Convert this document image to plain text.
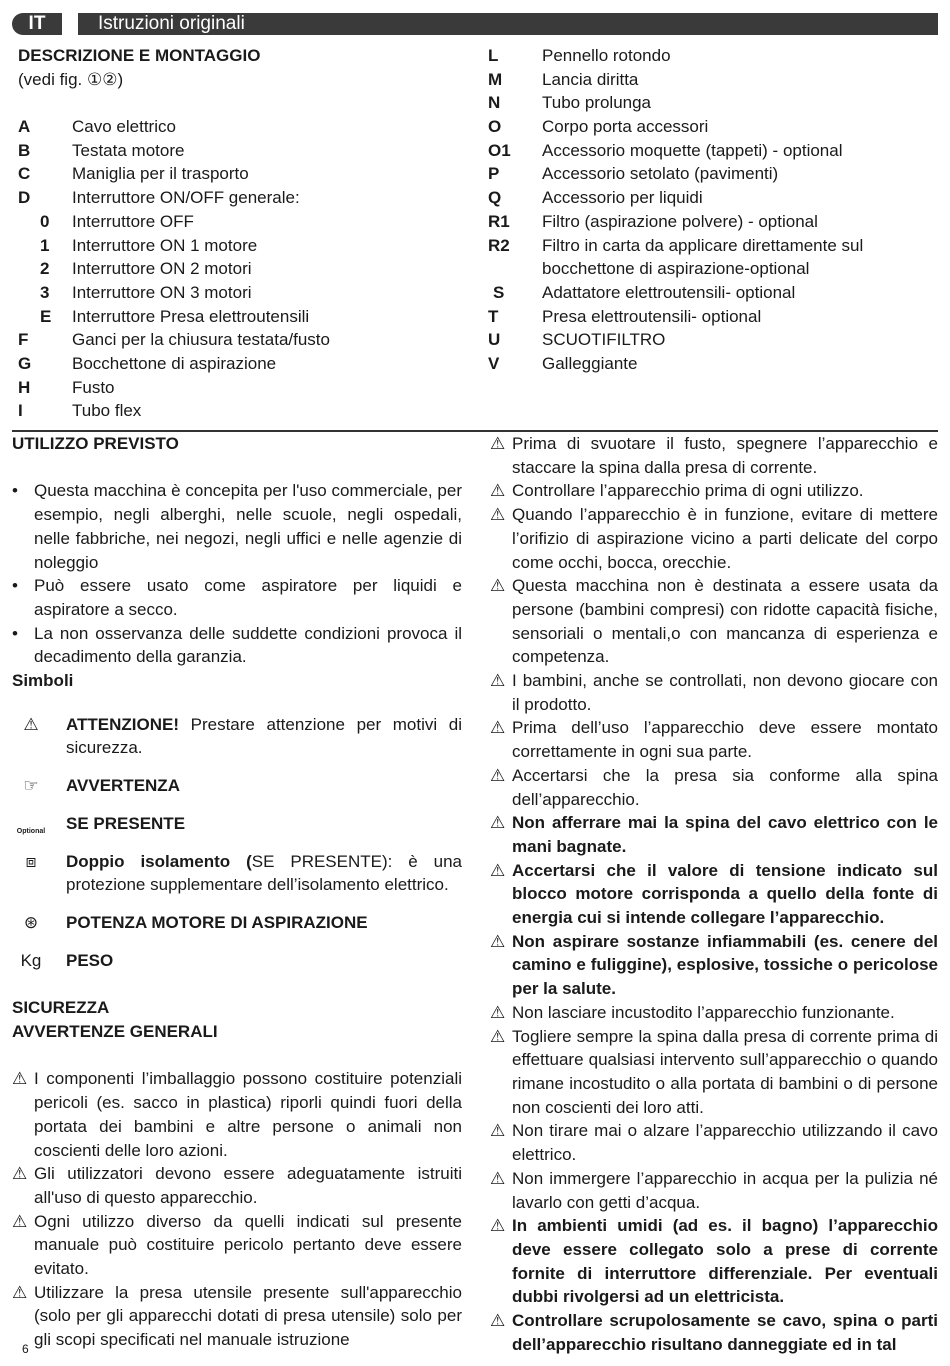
IT	Istruzioni originali
DESCRIZIONE E MONTAGGIO
(vedi fig. ①②)
A Cavo elettrico
B Testata motore
C Maniglia per il trasporto
D Interruttore ON/OFF generale:
0 Interruttore OFF
1 Interruttore ON 1 motore
2 Interruttore ON 2 motori
3 Interruttore ON 3 motori
E Interruttore Presa elettroutensili
F	Ganci per la chiusura testata/fusto
G Bocchettone di aspirazione
H Fusto
I	Tubo flex
L	Pennello rotondo
M Lancia diritta
N Tubo prolunga
O Corpo porta accessori
O1 Accessorio moquette (tappeti) - optional
P	Accessorio setolato (pavimenti)
Q Accessorio per liquidi
R1 Filtro (aspirazione polvere) - optional
R2 Filtro in carta da applicare direttamente sul
bocchettone di aspirazione-optional
S Adattatore elettroutensili- optional
T	Presa elettroutensili- optional
U SCUOTIFILTRO
V	Galleggiante
UTILIZZO PREVISTO
• Questa macchina è concepita per l'uso commerciale, per esempio, negli alberghi, nelle scuole, negli ospedali, nelle fabbriche, nei negozi, negli uffici e nelle agenzie di noleggio
• Può essere usato come aspiratore per liquidi e aspiratore a secco.
• La non osservanza delle suddette condizioni provoca il decadimento della garanzia.
Simboli
⚠	ATTENZIONE! Prestare attenzione per motivi di sicurezza.
☞	AVVERTENZA
Optional SE PRESENTE
⧈	Doppio isolamento (SE PRESENTE): è una protezione supplementare dell’isolamento elettrico.
⊛	POTENZA MOTORE DI ASPIRAZIONE
Kg	PESO
SICUREZZA
AVVERTENZE GENERALI
⚠ I componenti l’imballaggio possono costituire potenziali pericoli (es. sacco in plastica) riporli quindi fuori della portata dei bambini e altre persone o animali non coscienti delle loro azioni.
⚠ Gli utilizzatori devono essere adeguatamente istruiti all'uso di questo apparecchio.
⚠ Ogni utilizzo diverso da quelli indicati sul presente manuale può costituire pericolo pertanto deve essere evitato.
⚠ Utilizzare la presa utensile presente sull'apparecchio (solo per gli apparecchi dotati di presa utensile) solo per gli scopi specificati nel manuale istruzione
⚠ Prima di svuotare il fusto, spegnere l’apparecchio e staccare la spina dalla presa di corrente.
⚠ Controllare l’apparecchio prima di ogni utilizzo.
⚠ Quando l’apparecchio è in funzione, evitare di mettere l’orifizio di aspirazione vicino a parti delicate del corpo come occhi, bocca, orecchie.
⚠ Questa macchina non è destinata a essere usata da persone (bambini compresi) con ridotte capacità fisiche, sensoriali o mentali,o con mancanza di esperienza e competenza.
⚠ I bambini, anche se controllati, non devono giocare con il prodotto.
⚠ Prima dell’uso l’apparecchio deve essere montato correttamente in ogni sua parte.
⚠ Accertarsi che la presa sia conforme alla spina dell’apparecchio.
⚠ Non afferrare mai la spina del cavo elettrico con le mani bagnate.
⚠ Accertarsi che il valore di tensione indicato sul blocco motore corrisponda a quello della fonte di energia cui si intende collegare l’apparecchio.
⚠ Non aspirare sostanze infiammabili (es. cenere del camino e fuliggine), esplosive, tossiche o pericolose per la salute.
⚠ Non lasciare incustodito l’apparecchio funzionante.
⚠ Togliere sempre la spina dalla presa di corrente prima di effettuare qualsiasi intervento sull’apparecchio o quando rimane incostudito o alla portata di bambini o di persone non coscienti dei loro atti.
⚠ Non tirare mai o alzare l’apparecchio utilizzando il cavo elettrico.
⚠ Non immergere l’apparecchio in acqua per la pulizia né lavarlo con getti d’acqua.
⚠ In ambienti umidi (ad es. il bagno) l’apparecchio deve essere collegato solo a prese di corrente fornite di interruttore differenziale. Per eventuali dubbi rivolgersi ad un elettricista.
⚠ Controllare scrupolosamente se cavo, spina o parti dell’apparecchio risultano danneggiate ed in tal
6
